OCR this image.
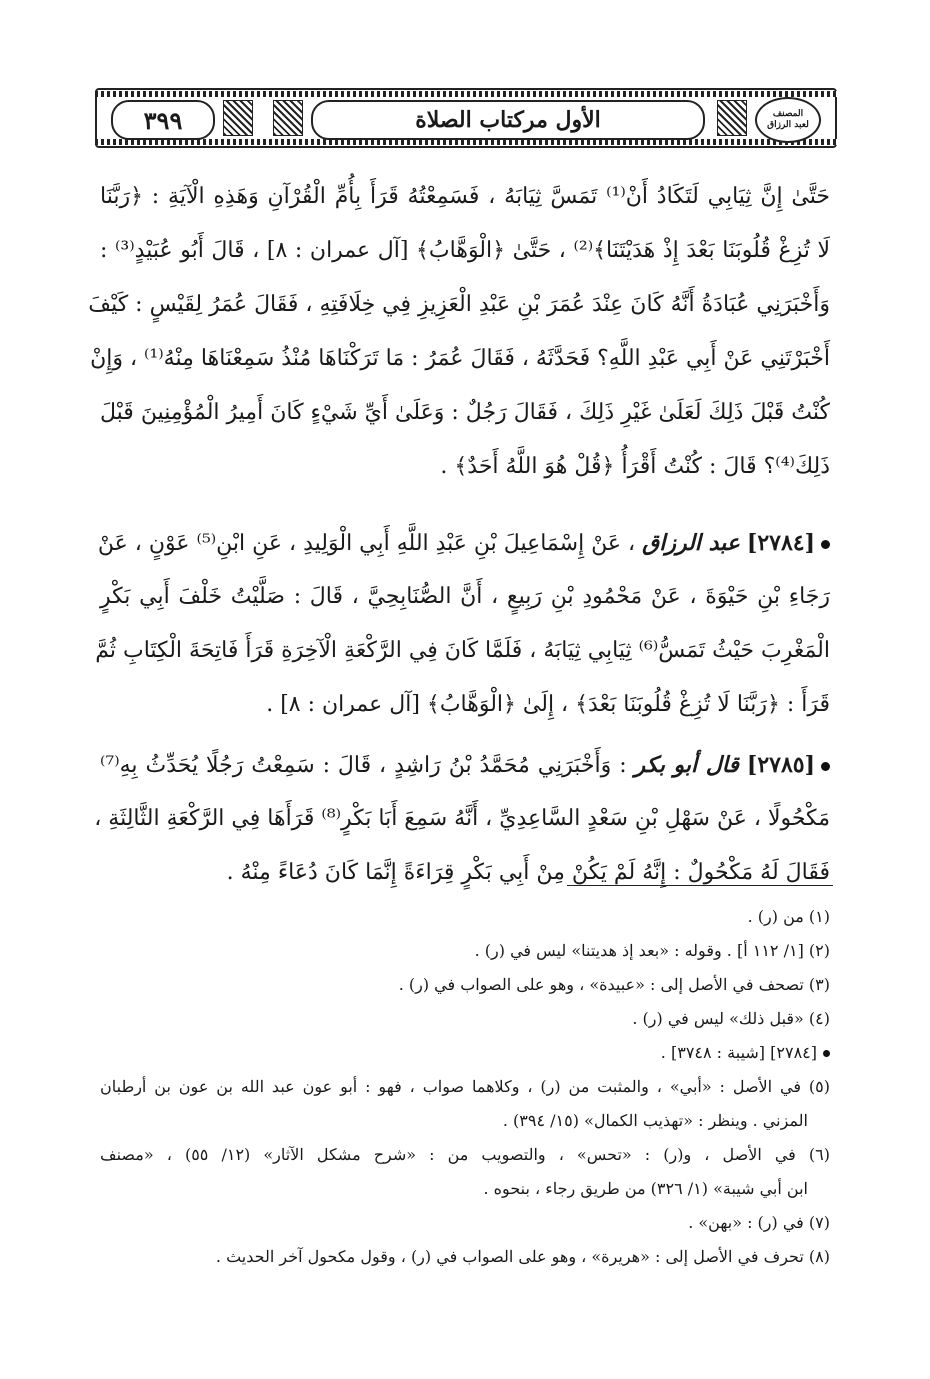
٣٩٩	الأول مركتاب الصلاة	المصنف
لعبد الرزاق
حَتَّىٰ إِنَّ ثِيَابِي لَتَكَادُ أَنْ⁽¹⁾ تَمَسَّ ثِيَابَهُ ، فَسَمِعْتُهُ قَرَأَ بِأُمِّ الْقُرْآنِ وَهَذِهِ الْآيَةِ : ﴿رَبَّنَا
لَا تُزِغْ قُلُوبَنَا بَعْدَ إِذْ هَدَيْتَنَا﴾⁽²⁾ ، حَتَّىٰ ﴿الْوَهَّابُ﴾ [آل عمران : ٨] ، قَالَ أَبُو عُبَيْدٍ⁽³⁾ :
وَأَخْبَرَنِي عُبَادَةُ أَنَّهُ كَانَ عِنْدَ عُمَرَ بْنِ عَبْدِ الْعَزِيزِ فِي خِلَافَتِهِ ، فَقَالَ عُمَرُ لِقَيْسٍ : كَيْفَ
أَخْبَرْتَنِي عَنْ أَبِي عَبْدِ اللَّهِ؟ فَحَدَّثَهُ ، فَقَالَ عُمَرُ : مَا تَرَكْنَاهَا مُنْذُ سَمِعْنَاهَا مِنْهُ⁽¹⁾ ، وَإِنْ
كُنْتُ قَبْلَ ذَلِكَ لَعَلَىٰ غَيْرِ ذَلِكَ ، فَقَالَ رَجُلٌ : وَعَلَىٰ أَيِّ شَيْءٍ كَانَ أَمِيرُ الْمُؤْمِنِينَ قَبْلَ
ذَلِكَ⁽⁴⁾؟ قَالَ : كُنْتُ أَقْرَأُ ﴿قُلْ هُوَ اللَّهُ أَحَدٌ﴾ .
[٢٧٨٤] عبد الرزاق ، عَنْ إِسْمَاعِيلَ بْنِ عَبْدِ اللَّهِ أَبِي الْوَلِيدِ ، عَنِ ابْنِ⁽⁵⁾ عَوْنٍ ، عَنْ
رَجَاءِ بْنِ حَيْوَةَ ، عَنْ مَحْمُودِ بْنِ رَبِيعٍ ، أَنَّ الصُّنَابِحِيَّ ، قَالَ : صَلَّيْتُ خَلْفَ أَبِي بَكْرٍ
الْمَغْرِبَ حَيْثُ تَمَسُّ⁽⁶⁾ ثِيَابِي ثِيَابَهُ ، فَلَمَّا كَانَ فِي الرَّكْعَةِ الْآخِرَةِ قَرَأَ فَاتِحَةَ الْكِتَابِ ثُمَّ
قَرَأَ : ﴿رَبَّنَا لَا تُزِغْ قُلُوبَنَا بَعْدَ﴾ ، إِلَىٰ ﴿الْوَهَّابُ﴾ [آل عمران : ٨] .
[٢٧٨٥] قال أبو بكر : وَأَخْبَرَنِي مُحَمَّدُ بْنُ رَاشِدٍ ، قَالَ : سَمِعْتُ رَجُلًا يُحَدِّثُ بِهِ⁽⁷⁾
مَكْحُولًا ، عَنْ سَهْلِ بْنِ سَعْدٍ السَّاعِدِيِّ ، أَنَّهُ سَمِعَ أَبَا بَكْرٍ⁽⁸⁾ قَرَأَهَا فِي الرَّكْعَةِ الثَّالِثَةِ ،
فَقَالَ لَهُ مَكْحُولٌ : إِنَّهُ لَمْ يَكُنْ مِنْ أَبِي بَكْرٍ قِرَاءَةً إِنَّمَا كَانَ دُعَاءً مِنْهُ .
(١) من (ر) .
(٢) [١/ ١١٢ أ] . وقوله : «بعد إذ هديتنا» ليس في (ر) .
(٣) تصحف في الأصل إلى : «عبيدة» ، وهو على الصواب في (ر) .
(٤) «قبل ذلك» ليس في (ر) .
[٢٧٨٤] [شيبة : ٣٧٤٨] .
(٥) في الأصل : «أبي» ، والمثبت من (ر) ، وكلاهما صواب ، فهو : أبو عون عبد الله بن عون بن أرطبان
المزني . وينظر : «تهذيب الكمال» (١٥/ ٣٩٤) .
(٦) في الأصل ، و(ر) : «تحس» ، والتصويب من : «شرح مشكل الآثار» (١٢/ ٥٥) ، «مصنف
ابن أبي شيبة» (١/ ٣٢٦) من طريق رجاء ، بنحوه .
(٧) في (ر) : «بهن» .
(٨) تحرف في الأصل إلى : «هريرة» ، وهو على الصواب في (ر) ، وقول مكحول آخر الحديث .
